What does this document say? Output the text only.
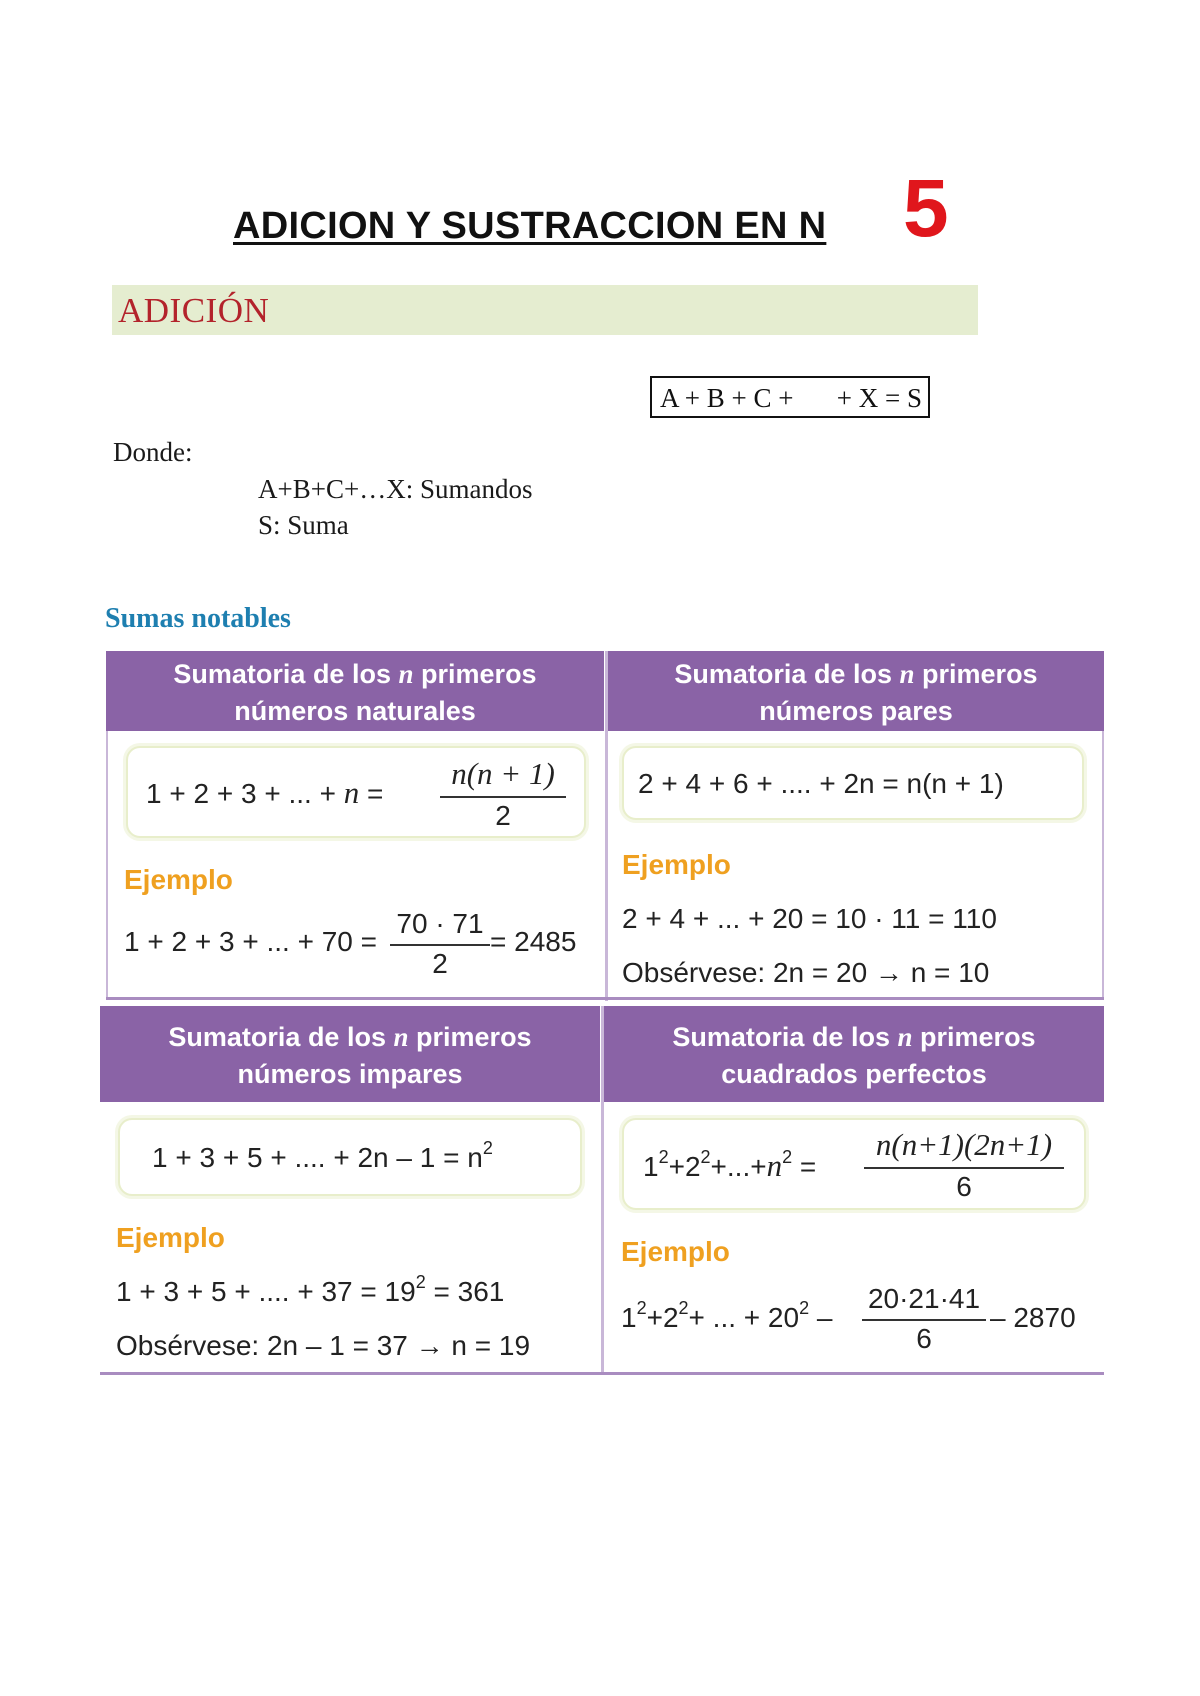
ADICION Y SUSTRACCION EN N 5
ADICIÓN
A + B + C + + X = S
Donde:
A+B+C+…X: Sumandos
S: Suma
Sumas notables
Sumatoria de los n primeros
números naturales
Sumatoria de los n primeros
números pares
Sumatoria de los n primeros
números impares
Sumatoria de los n primeros
cuadrados perfectos
1 + 2 + 3 + ... + n =
n(n + 1)
2
Ejemplo
1 + 2 + 3 + ... + 70 =
70 · 71
2
= 2485
2 + 4 + 6 + .... + 2n = n(n + 1)
Ejemplo
2 + 4 + ... + 20 = 10 · 11 = 110
Obsérvese: 2n = 20 → n = 10
1 + 3 + 5 + .... + $2n - 1 = n^2$
Ejemplo
1 + 3 + 5 + .... + $37 = 19^2 = 361$
Obsérvese: 2n – 1 = 37 → n = 19
$1^2+2^2+...+n^2$ =
n(n+1)(2n+1)
6
Ejemplo
$1^2+2^2+$ ... + $20^2$ –
20·21·41
6
– 2870
